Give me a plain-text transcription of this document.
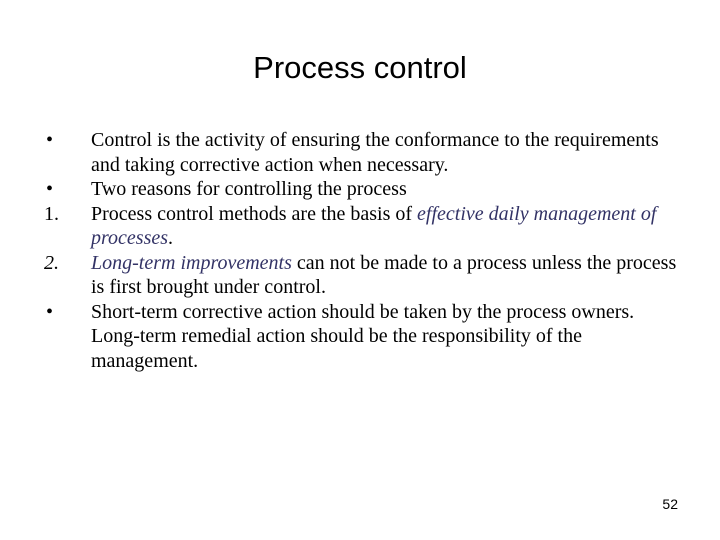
Process control
•	Control is the activity of ensuring the conformance to the requirements and taking corrective action when necessary.
•	Two reasons for controlling the process
1.	Process control methods are the basis of effective daily management of processes.
2.	Long-term improvements can not be made to a process unless the process is first brought under control.
•	Short-term corrective action should be taken by the process owners. Long-term remedial action should be the responsibility of the management.
52
